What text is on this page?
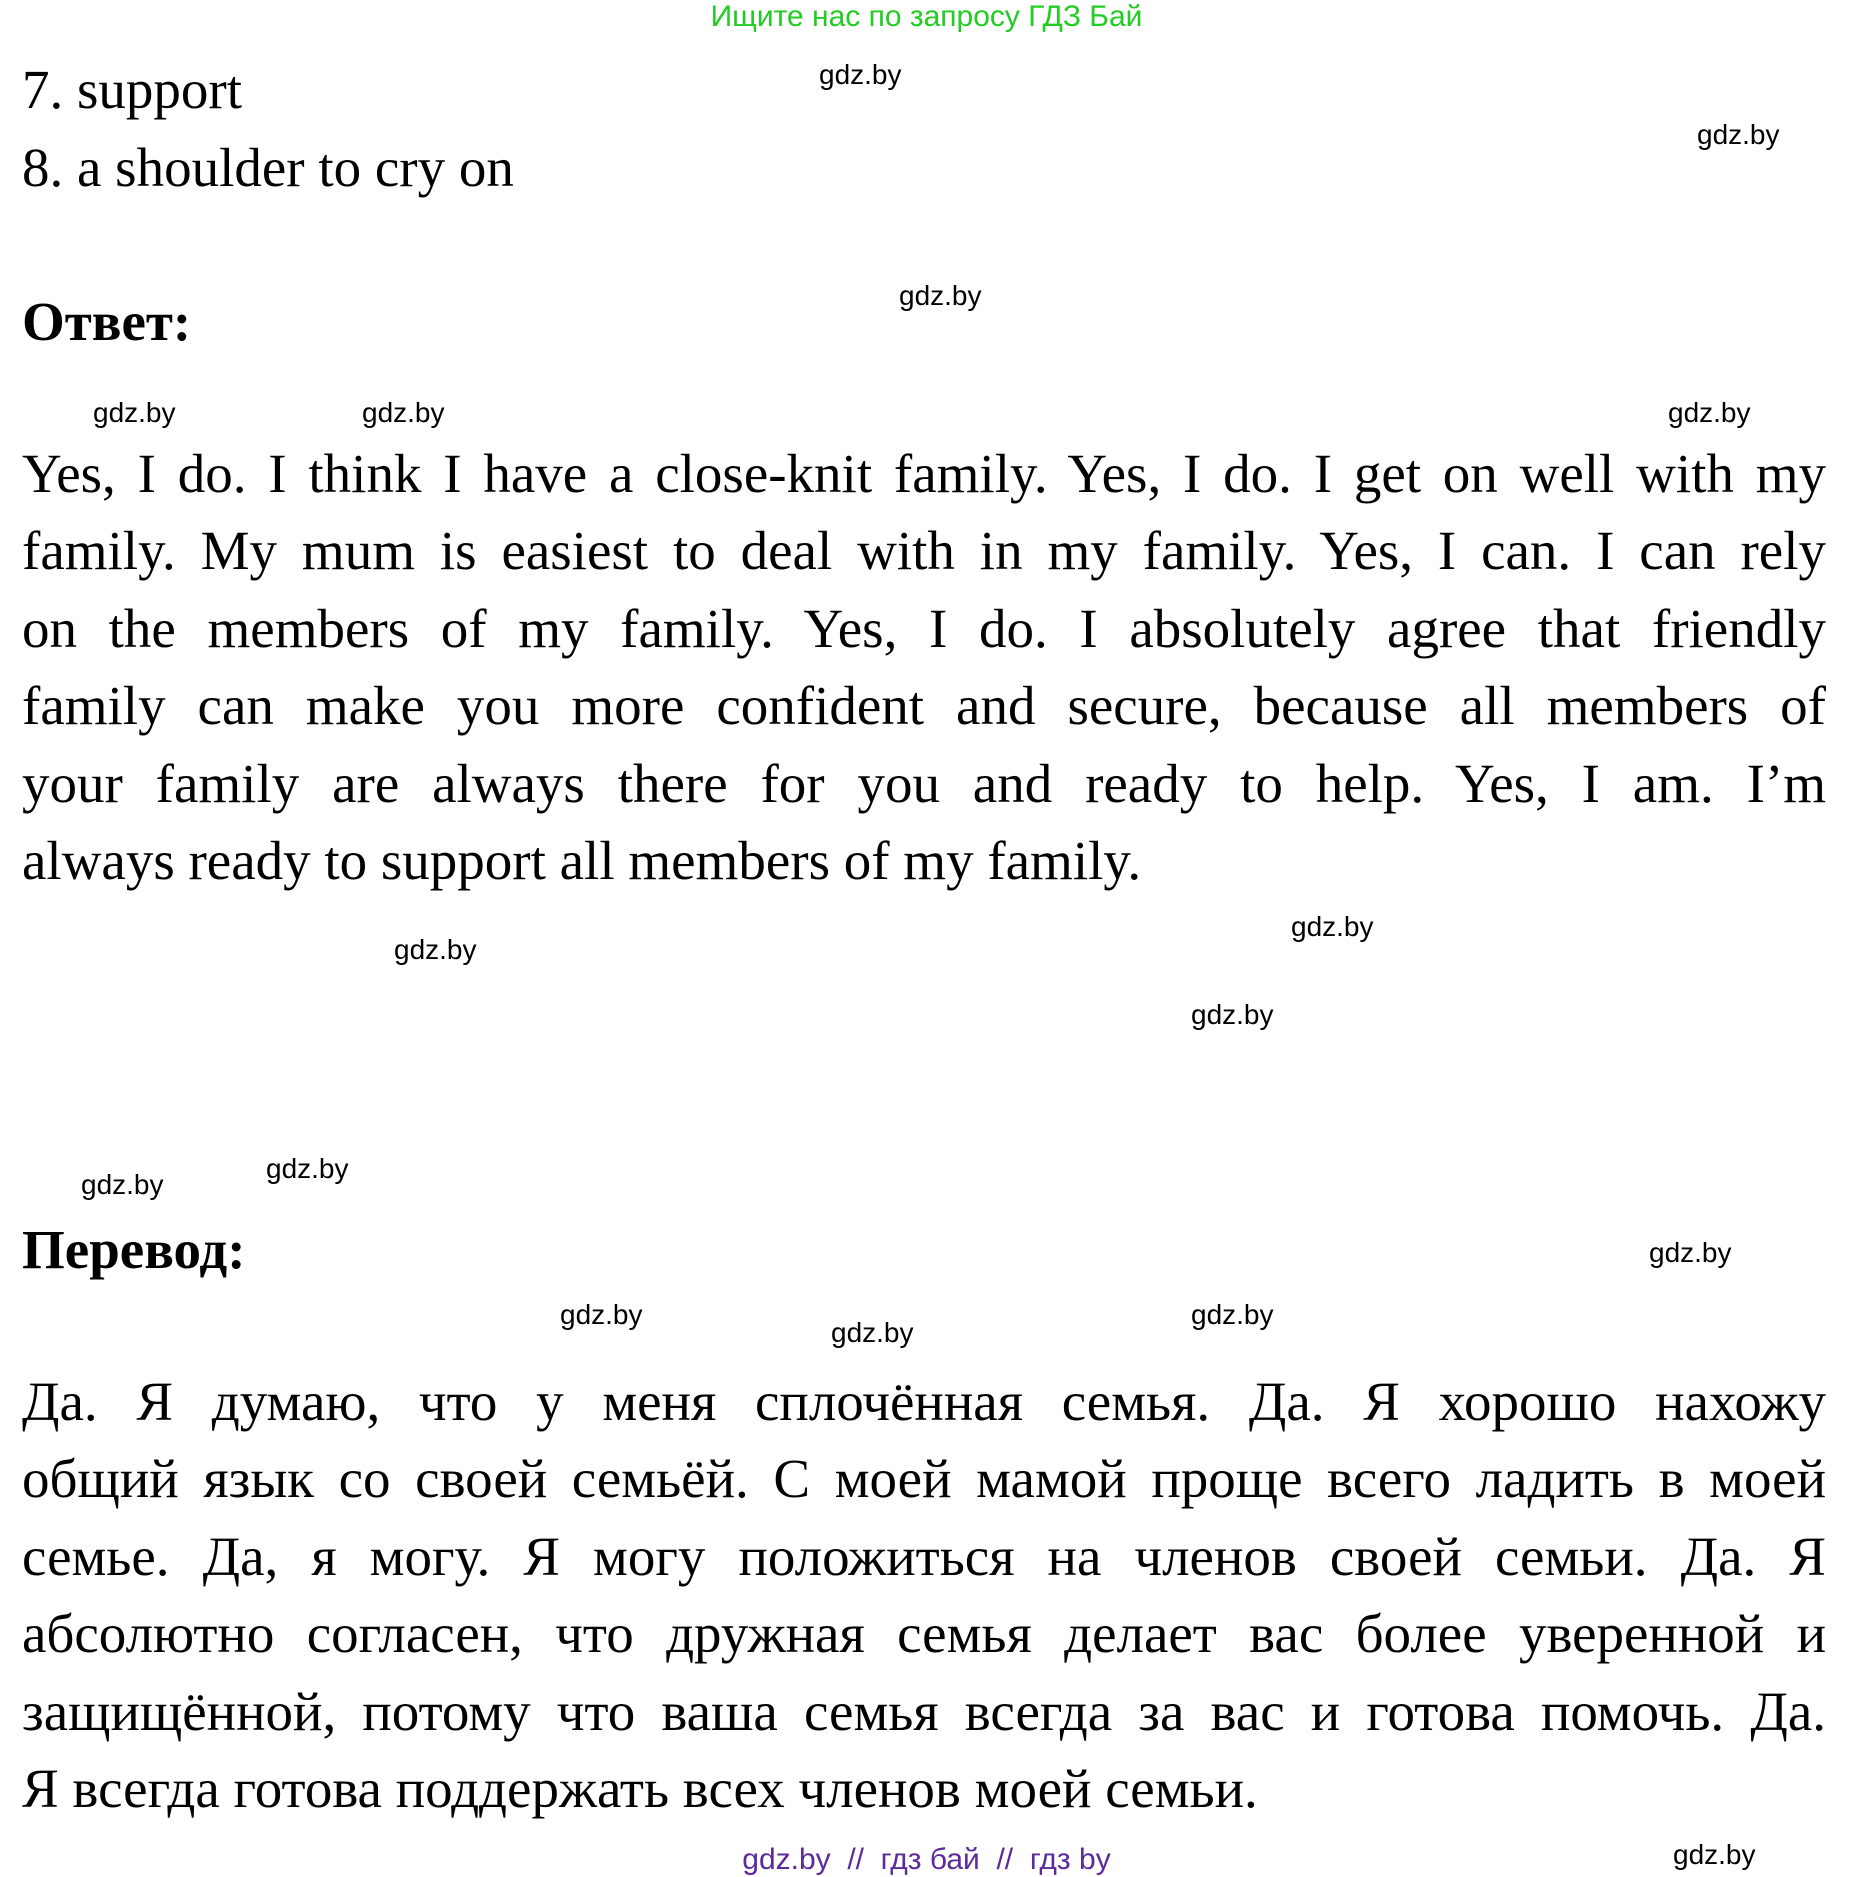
Ищите нас по запросу ГДЗ Бай
7. support
8. a shoulder to cry on
Ответ:
Yes, I do. I think I have a close-knit family. Yes, I do. I get on well with my
family. My mum is easiest to deal with in my family. Yes, I can. I can rely
on the members of my family. Yes, I do. I absolutely agree that friendly
family can make you more confident and secure, because all members of
your family are always there for you and ready to help. Yes, I am. I’m
always ready to support all members of my family.
Перевод:
Да. Я думаю, что у меня сплочённая семья. Да. Я хорошо нахожу
общий язык со своей семьёй. С моей мамой проще всего ладить в моей
семье. Да, я могу. Я могу положиться на членов своей семьи. Да. Я
абсолютно согласен, что дружная семья делает вас более уверенной и
защищённой, потому что ваша семья всегда за вас и готова помочь. Да.
Я всегда готова поддержать всех членов моей семьи.
gdz.by
gdz.by
gdz.by
gdz.by	gdz.by
gdz.by
gdz.by
gdz.by
gdz.by
gdz.by
gdz.by
gdz.by
gdz.by
gdz.by
gdz.by
gdz.by
gdz.by  //  гдз бай  //  гдз by
